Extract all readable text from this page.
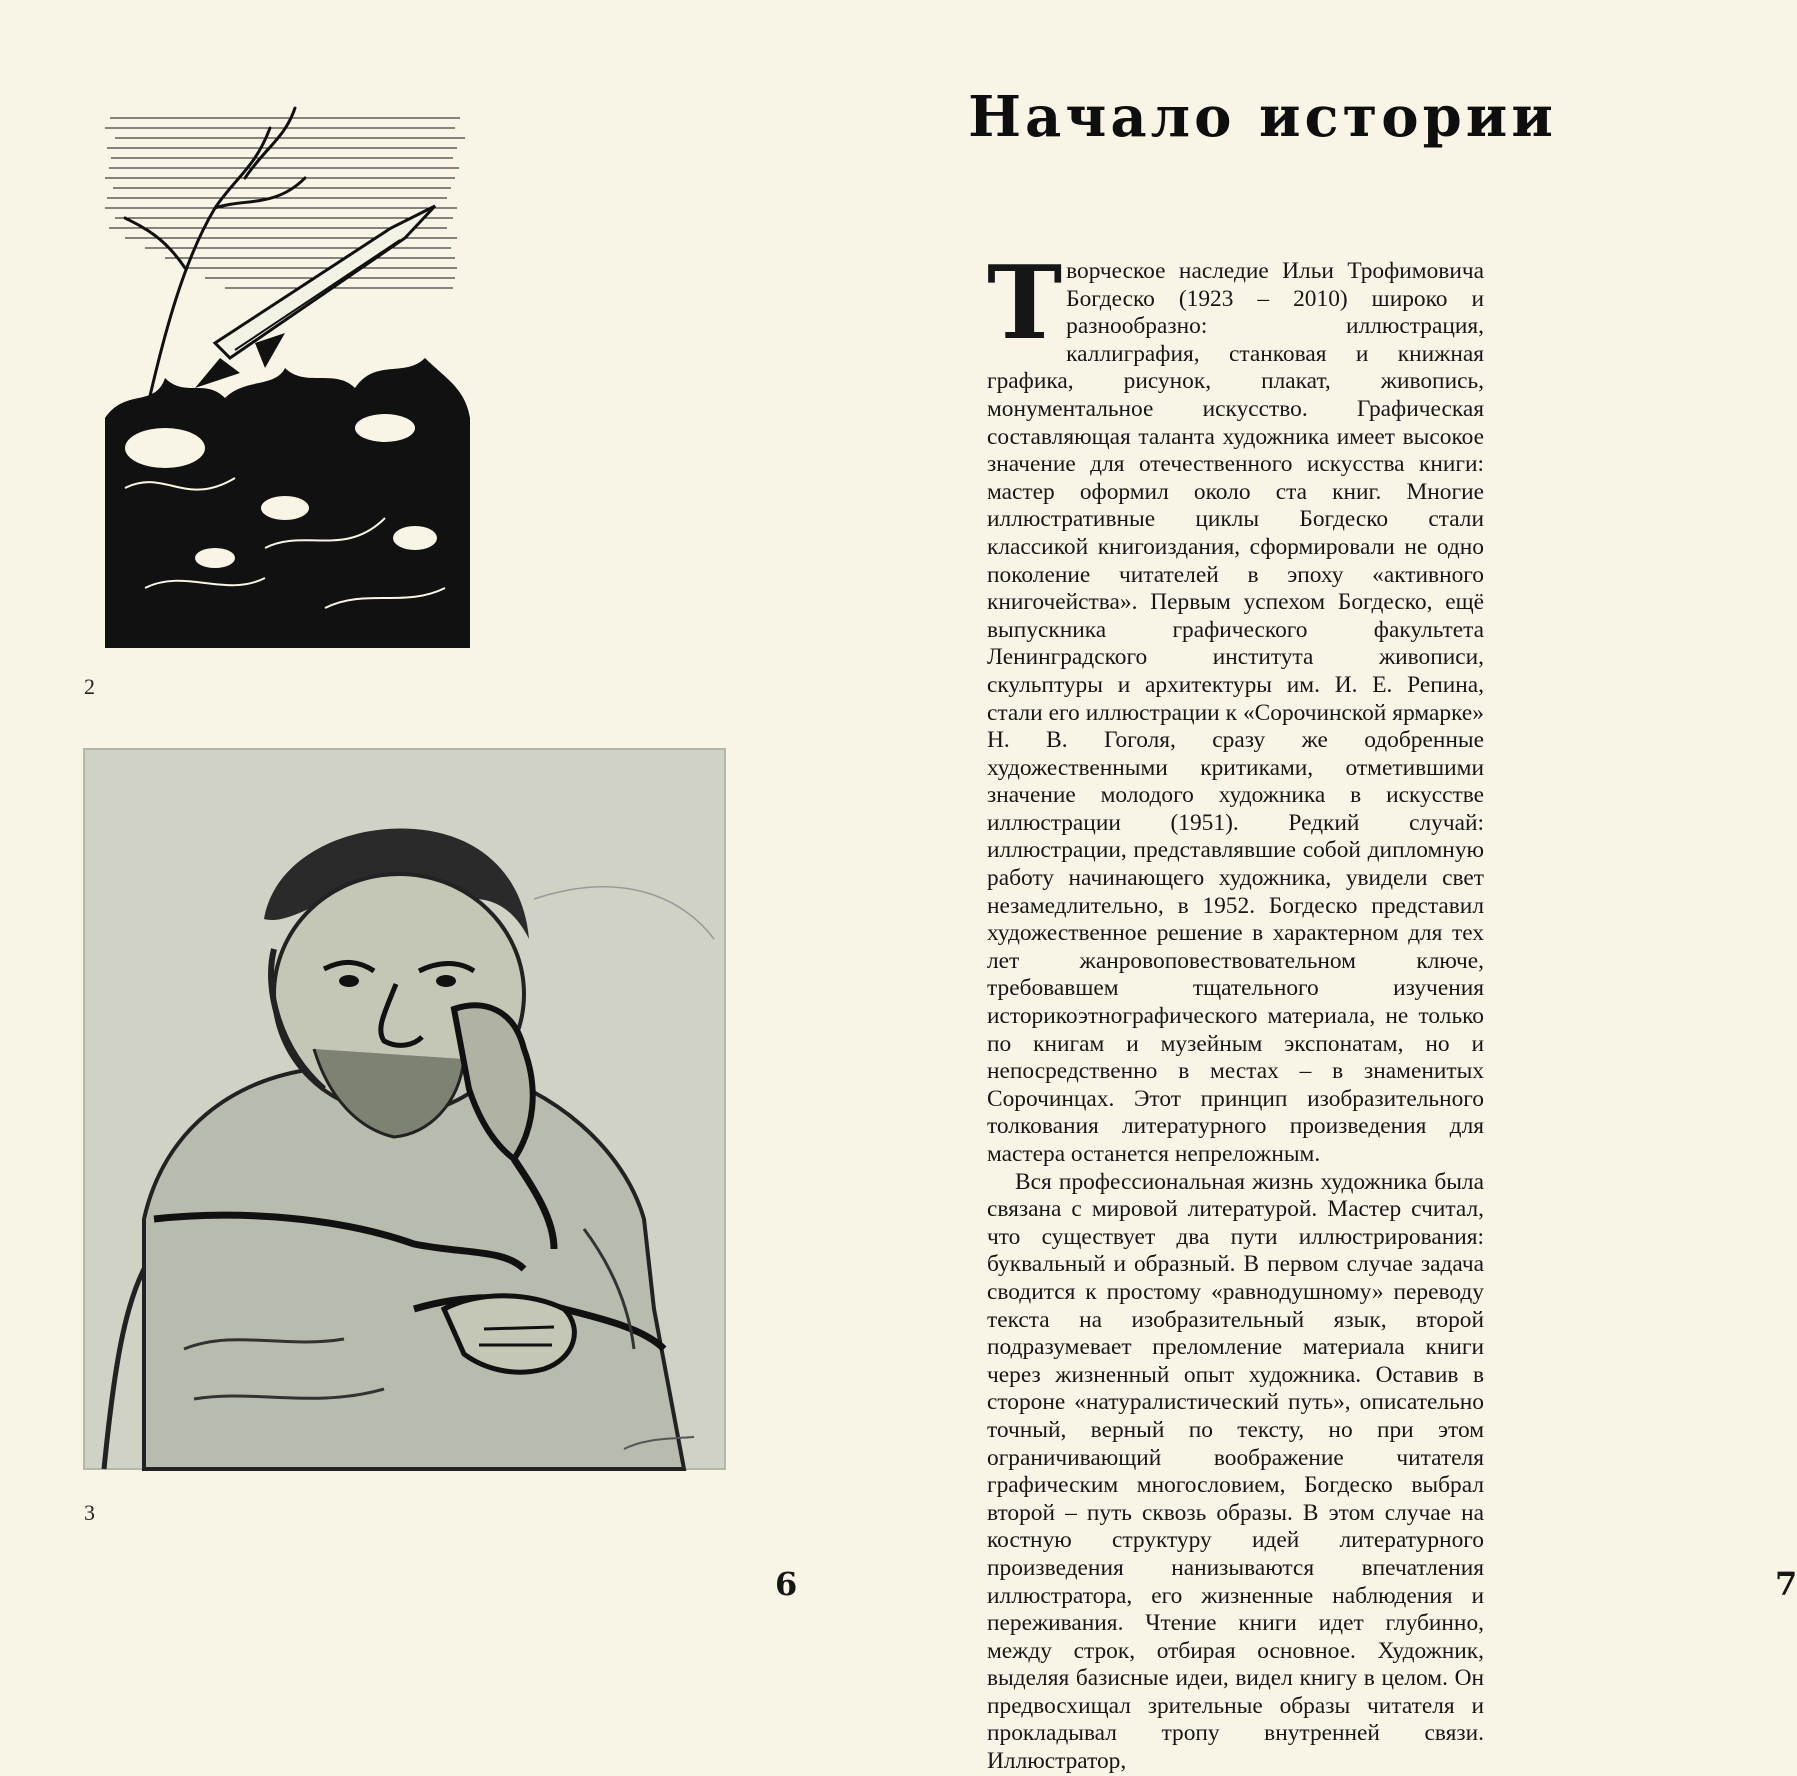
2
3
6
Начало истории

Творческое наследие Ильи Трофимовича Богдеско (1923 – 2010) широко и разнообразно: иллюстрация, каллиграфия, станковая и книжная графика, рисунок, плакат, живопись, монументальное искусство. Графическая составляющая таланта художника имеет высокое значение для отечественного искусства книги: мастер оформил около ста книг. Многие иллюстративные циклы Богдеско стали классикой книгоиздания, сформировали не одно поколение читателей в эпоху «активного книгочейства». Первым успехом Богдеско, ещё выпускника графического факультета Ленинградского института живописи, скульптуры и архитектуры им. И. Е. Репина, стали его иллюстрации к «Сорочинской ярмарке» Н. В. Гоголя, сразу же одобренные художественными критиками, отметившими значение молодого художника в искусстве иллюстрации (1951). Редкий случай: иллюстрации, представлявшие собой дипломную работу начинающего художника, увидели свет незамедлительно, в 1952. Богдеско представил художественное решение в характерном для тех лет жанровоповествовательном ключе, требовавшем тщательного изучения историкоэтнографического материала, не только по книгам и музейным экспонатам, но и непосредственно в местах – в знаменитых Сорочинцах. Этот принцип изобразительного толкования литературного произведения для мастера останется непреложным.

Вся профессиональная жизнь художника была связана с мировой литературой. Мастер считал, что существует два пути иллюстрирования: буквальный и образный. В первом случае задача сводится к простому «равнодушному» переводу текста на изобразительный язык, второй подразумевает преломление материала книги через жизненный опыт художника. Оставив в стороне «натуралистический путь», описательно точный, верный по тексту, но при этом ограничивающий воображение читателя графическим многословием, Богдеско выбрал второй – путь сквозь образы. В этом случае на костную структуру идей литературного произведения нанизываются впечатления иллюстратора, его жизненные наблюдения и переживания. Чтение книги идет глубинно, между строк, отбирая основное. Художник, выделяя базисные идеи, видел книгу в целом. Он предвосхищал зрительные образы читателя и прокладывал тропу внутренней связи. Иллюстратор,

7
